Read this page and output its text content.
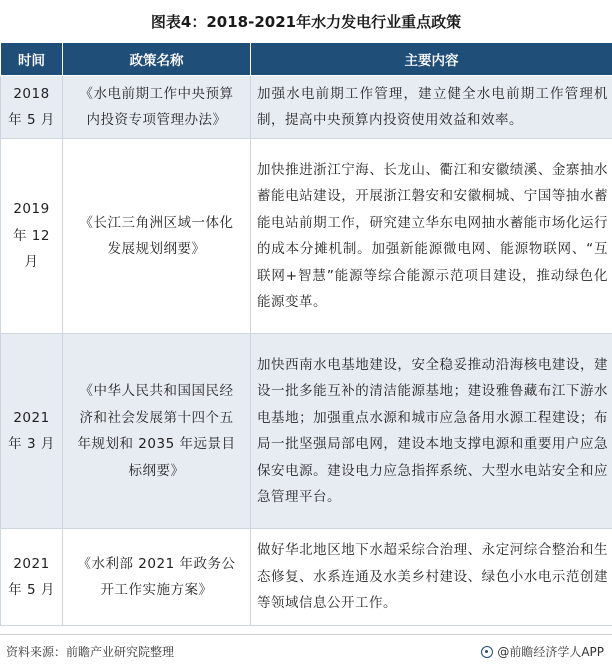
图表4：2018-2021年水力发电行业重点政策
时间	政策名称	主要内容
2018 年 5 月	《水电前期工作中央预算内投资专项管理办法》	加强水电前期工作管理，建立健全水电前期工作管理机制，提高中央预算内投资使用效益和效率。
2019 年 12 月	《长江三角洲区域一体化发展规划纲要》	加快推进浙江宁海、长龙山、衢江和安徽绩溪、金寨抽水蓄能电站建设，开展浙江磐安和安徽桐城、宁国等抽水蓄能电站前期工作，研究建立华东电网抽水蓄能市场化运行的成本分摊机制。加强新能源微电网、能源物联网、“互联网+智慧”能源等综合能源示范项目建设，推动绿色化能源变革。
2021 年 3 月	《中华人民共和国国民经济和社会发展第十四个五年规划和 2035 年远景目标纲要》	加快西南水电基地建设，安全稳妥推动沿海核电建设，建设一批多能互补的清洁能源基地；建设雅鲁藏布江下游水电基地；加强重点水源和城市应急备用水源工程建设；布局一批坚强局部电网，建设本地支撑电源和重要用户应急保安电源。建设电力应急指挥系统、大型水电站安全和应急管理平台。
2021 年 5 月	《水利部 2021 年政务公开工作实施方案》	做好华北地区地下水超采综合治理、永定河综合整治和生态修复、水系连通及水美乡村建设、绿色小水电示范创建等领域信息公开工作。
资料来源：前瞻产业研究院整理	@前瞻经济学人APP
